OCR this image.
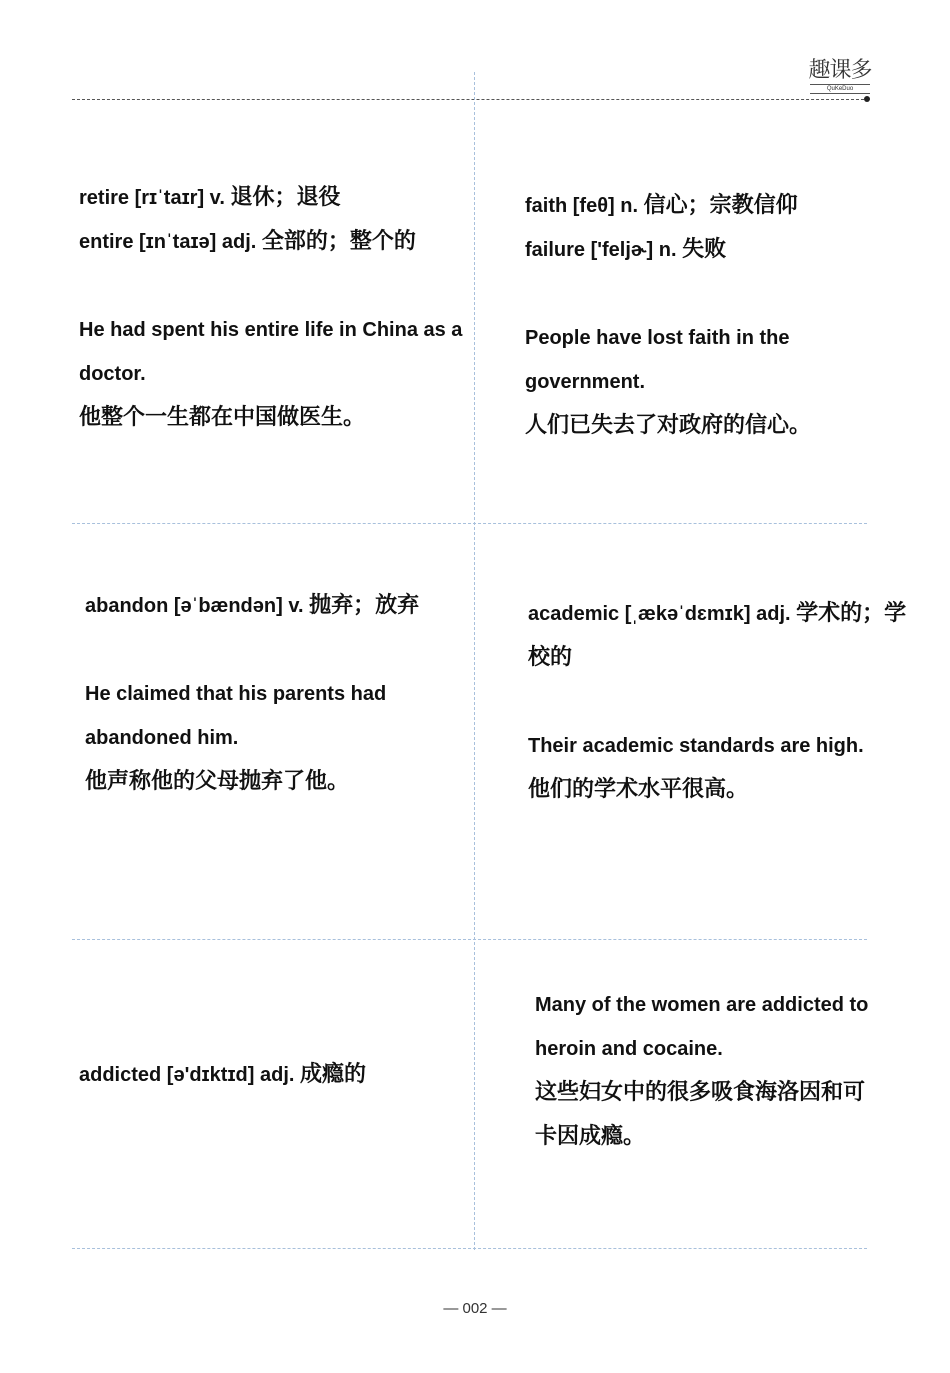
趣课多
QuKeDuo
retire [rɪˈtaɪr] v. 退休；退役
entire [ɪnˈtaɪə] adj. 全部的；整个的
He had spent his entire life in China as a doctor.
他整个一生都在中国做医生。
faith [feθ] n. 信心；宗教信仰
failure ['feljɚ] n. 失败
People have lost faith in the government.
人们已失去了对政府的信心。
abandon [əˈbændən] v. 抛弃；放弃
He claimed that his parents had abandoned him.
他声称他的父母抛弃了他。
academic [ˌækəˈdɛmɪk] adj. 学术的；学校的
Their academic standards are high.
他们的学术水平很高。
addicted [ə'dɪktɪd] adj. 成瘾的
Many of the women are addicted to heroin and cocaine.
这些妇女中的很多吸食海洛因和可卡因成瘾。
— 002 —
